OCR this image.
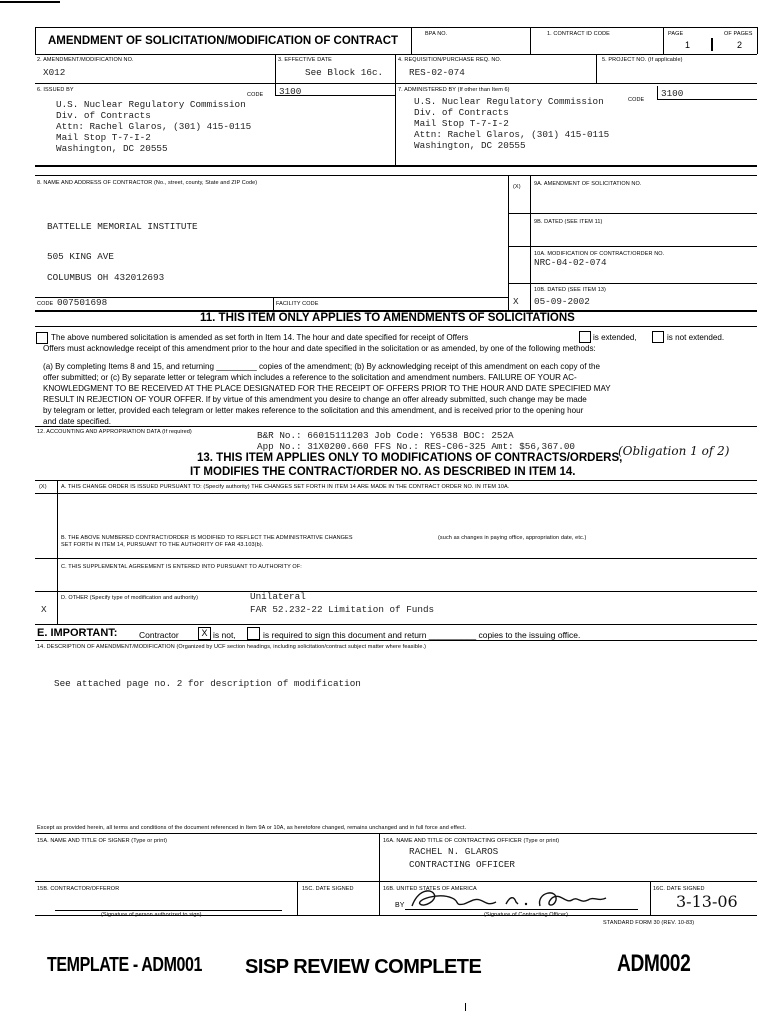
AMENDMENT OF SOLICITATION/MODIFICATION OF CONTRACT
BPA NO.	1. CONTRACT ID CODE	PAGE	OF PAGES
1	2
2. AMENDMENT/MODIFICATION NO.
X012
3. EFFECTIVE DATE
See Block 16c.
4. REQUISITION/PURCHASE REQ. NO.
RES-02-074
5. PROJECT NO. (If applicable)
6. ISSUED BY
CODE 3100
U.S. Nuclear Regulatory Commission
Div. of Contracts
Attn: Rachel Glaros, (301) 415-0115
Mail Stop T-7-I-2
Washington, DC 20555
7. ADMINISTERED BY (If other than Item 6)
CODE
3100
U.S. Nuclear Regulatory Commission
Div. of Contracts
Mail Stop T-7-I-2
Attn: Rachel Glaros, (301) 415-0115
Washington, DC 20555
8. NAME AND ADDRESS OF CONTRACTOR (No., street, county, State and ZIP Code)
BATTELLE MEMORIAL INSTITUTE
505 KING AVE
COLUMBUS OH 432012693
(X) 9A. AMENDMENT OF SOLICITATION NO.
9B. DATED (SEE ITEM 11)
10A. MODIFICATION OF CONTRACT/ORDER NO.
NRC-04-02-074
10B. DATED (SEE ITEM 13)
X 05-09-2002
CODE 007501698	FACILITY CODE
11. THIS ITEM ONLY APPLIES TO AMENDMENTS OF SOLICITATIONS
The above numbered solicitation is amended as set forth in Item 14. The hour and date specified for receipt of Offers	is extended,	is not extended.
Offers must acknowledge receipt of this amendment prior to the hour and date specified in the solicitation or as amended, by one of the following methods:
(a) By completing Items 8 and 15, and returning _________ copies of the amendment; (b) By acknowledging receipt of this amendment on each copy of the
offer submitted; or (c) By separate letter or telegram which includes a reference to the solicitation and amendment numbers. FAILURE OF YOUR AC-
KNOWLEDGMENT TO BE RECEIVED AT THE PLACE DESIGNATED FOR THE RECEIPT OF OFFERS PRIOR TO THE HOUR AND DATE SPECIFIED MAY
RESULT IN REJECTION OF YOUR OFFER. If by virtue of this amendment you desire to change an offer already submitted, such change may be made
by telegram or letter, provided each telegram or letter makes reference to the solicitation and this amendment, and is received prior to the opening hour
and date specified.
12. ACCOUNTING AND APPROPRIATION DATA (If required)	B&R No.: 66015111203 Job Code: Y6538 BOC: 252A
App No.: 31X0200.660 FFS No.: RES-C06-325 Amt: $56,367.00	(Obligation 1 of 2)
13. THIS ITEM APPLIES ONLY TO MODIFICATIONS OF CONTRACTS/ORDERS,
IT MODIFIES THE CONTRACT/ORDER NO. AS DESCRIBED IN ITEM 14.
(X)	A. THIS CHANGE ORDER IS ISSUED PURSUANT TO: (Specify authority) THE CHANGES SET FORTH IN ITEM 14 ARE MADE IN THE CONTRACT ORDER NO. IN ITEM 10A.
B. THE ABOVE NUMBERED CONTRACT/ORDER IS MODIFIED TO REFLECT THE ADMINISTRATIVE CHANGES	(such as changes in paying office, appropriation date, etc.)
SET FORTH IN ITEM 14, PURSUANT TO THE AUTHORITY OF FAR 43.103(b).
C. THIS SUPPLEMENTAL AGREEMENT IS ENTERED INTO PURSUANT TO AUTHORITY OF:
D. OTHER (Specify type of modification and authority)	Unilateral
FAR 52.232-22 Limitation of Funds
X
E. IMPORTANT:	Contractor	X is not,	is required to sign this document and return __________ copies to the issuing office.
14. DESCRIPTION OF AMENDMENT/MODIFICATION (Organized by UCF section headings, including solicitation/contract subject matter where feasible.)
See attached page no. 2 for description of modification
Except as provided herein, all terms and conditions of the document referenced in Item 9A or 10A, as heretofore changed, remains unchanged and in full force and effect.
15A. NAME AND TITLE OF SIGNER (Type or print)	16A. NAME AND TITLE OF CONTRACTING OFFICER (Type or print)
RACHEL N. GLAROS
CONTRACTING OFFICER
15B. CONTRACTOR/OFFEROR
(Signature of person authorized to sign)
15C. DATE SIGNED	16B. UNITED STATES OF AMERICA
BY
(Signature of Contracting Officer)
16C. DATE SIGNED
3-13-06
STANDARD FORM 30 (REV. 10-83)
TEMPLATE - ADM001 SISP REVIEW COMPLETE	ADM002
